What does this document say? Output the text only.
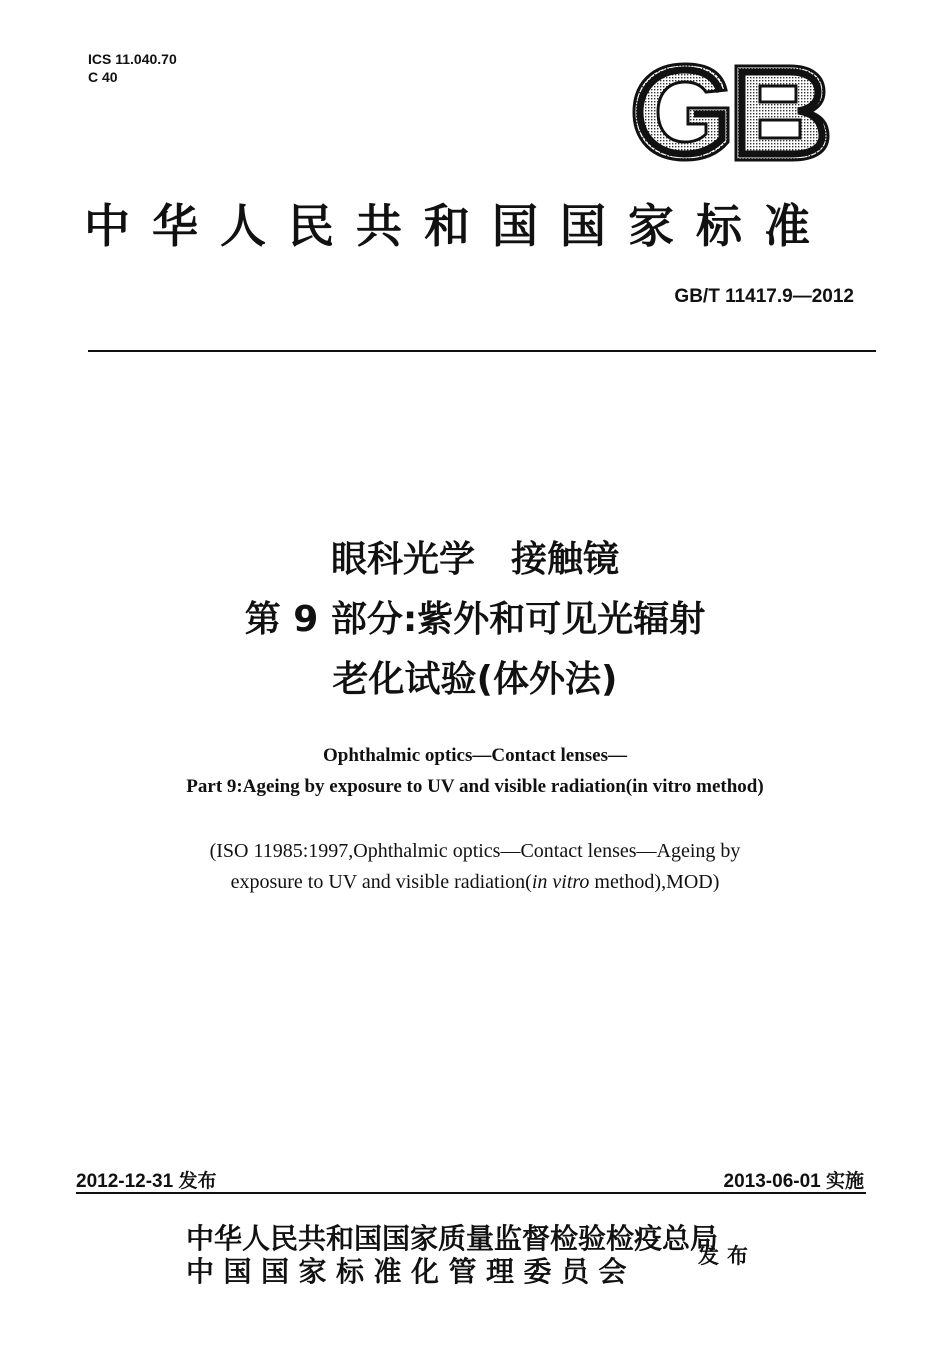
ICS 11.040.70
C 40
中华人民共和国国家标准
GB/T 11417.9—2012
眼科光学　接触镜
第 9 部分:紫外和可见光辐射
老化试验(体外法)
Ophthalmic optics—Contact lenses—
Part 9:Ageing by exposure to UV and visible radiation(in vitro method)
(ISO 11985:1997,Ophthalmic optics—Contact lenses—Ageing by
exposure to UV and visible radiation(in vitro method),MOD)
2012-12-31 发布	2013-06-01 实施
中华人民共和国国家质量监督检验检疫总局
中国国家标准化管理委员会	发布
